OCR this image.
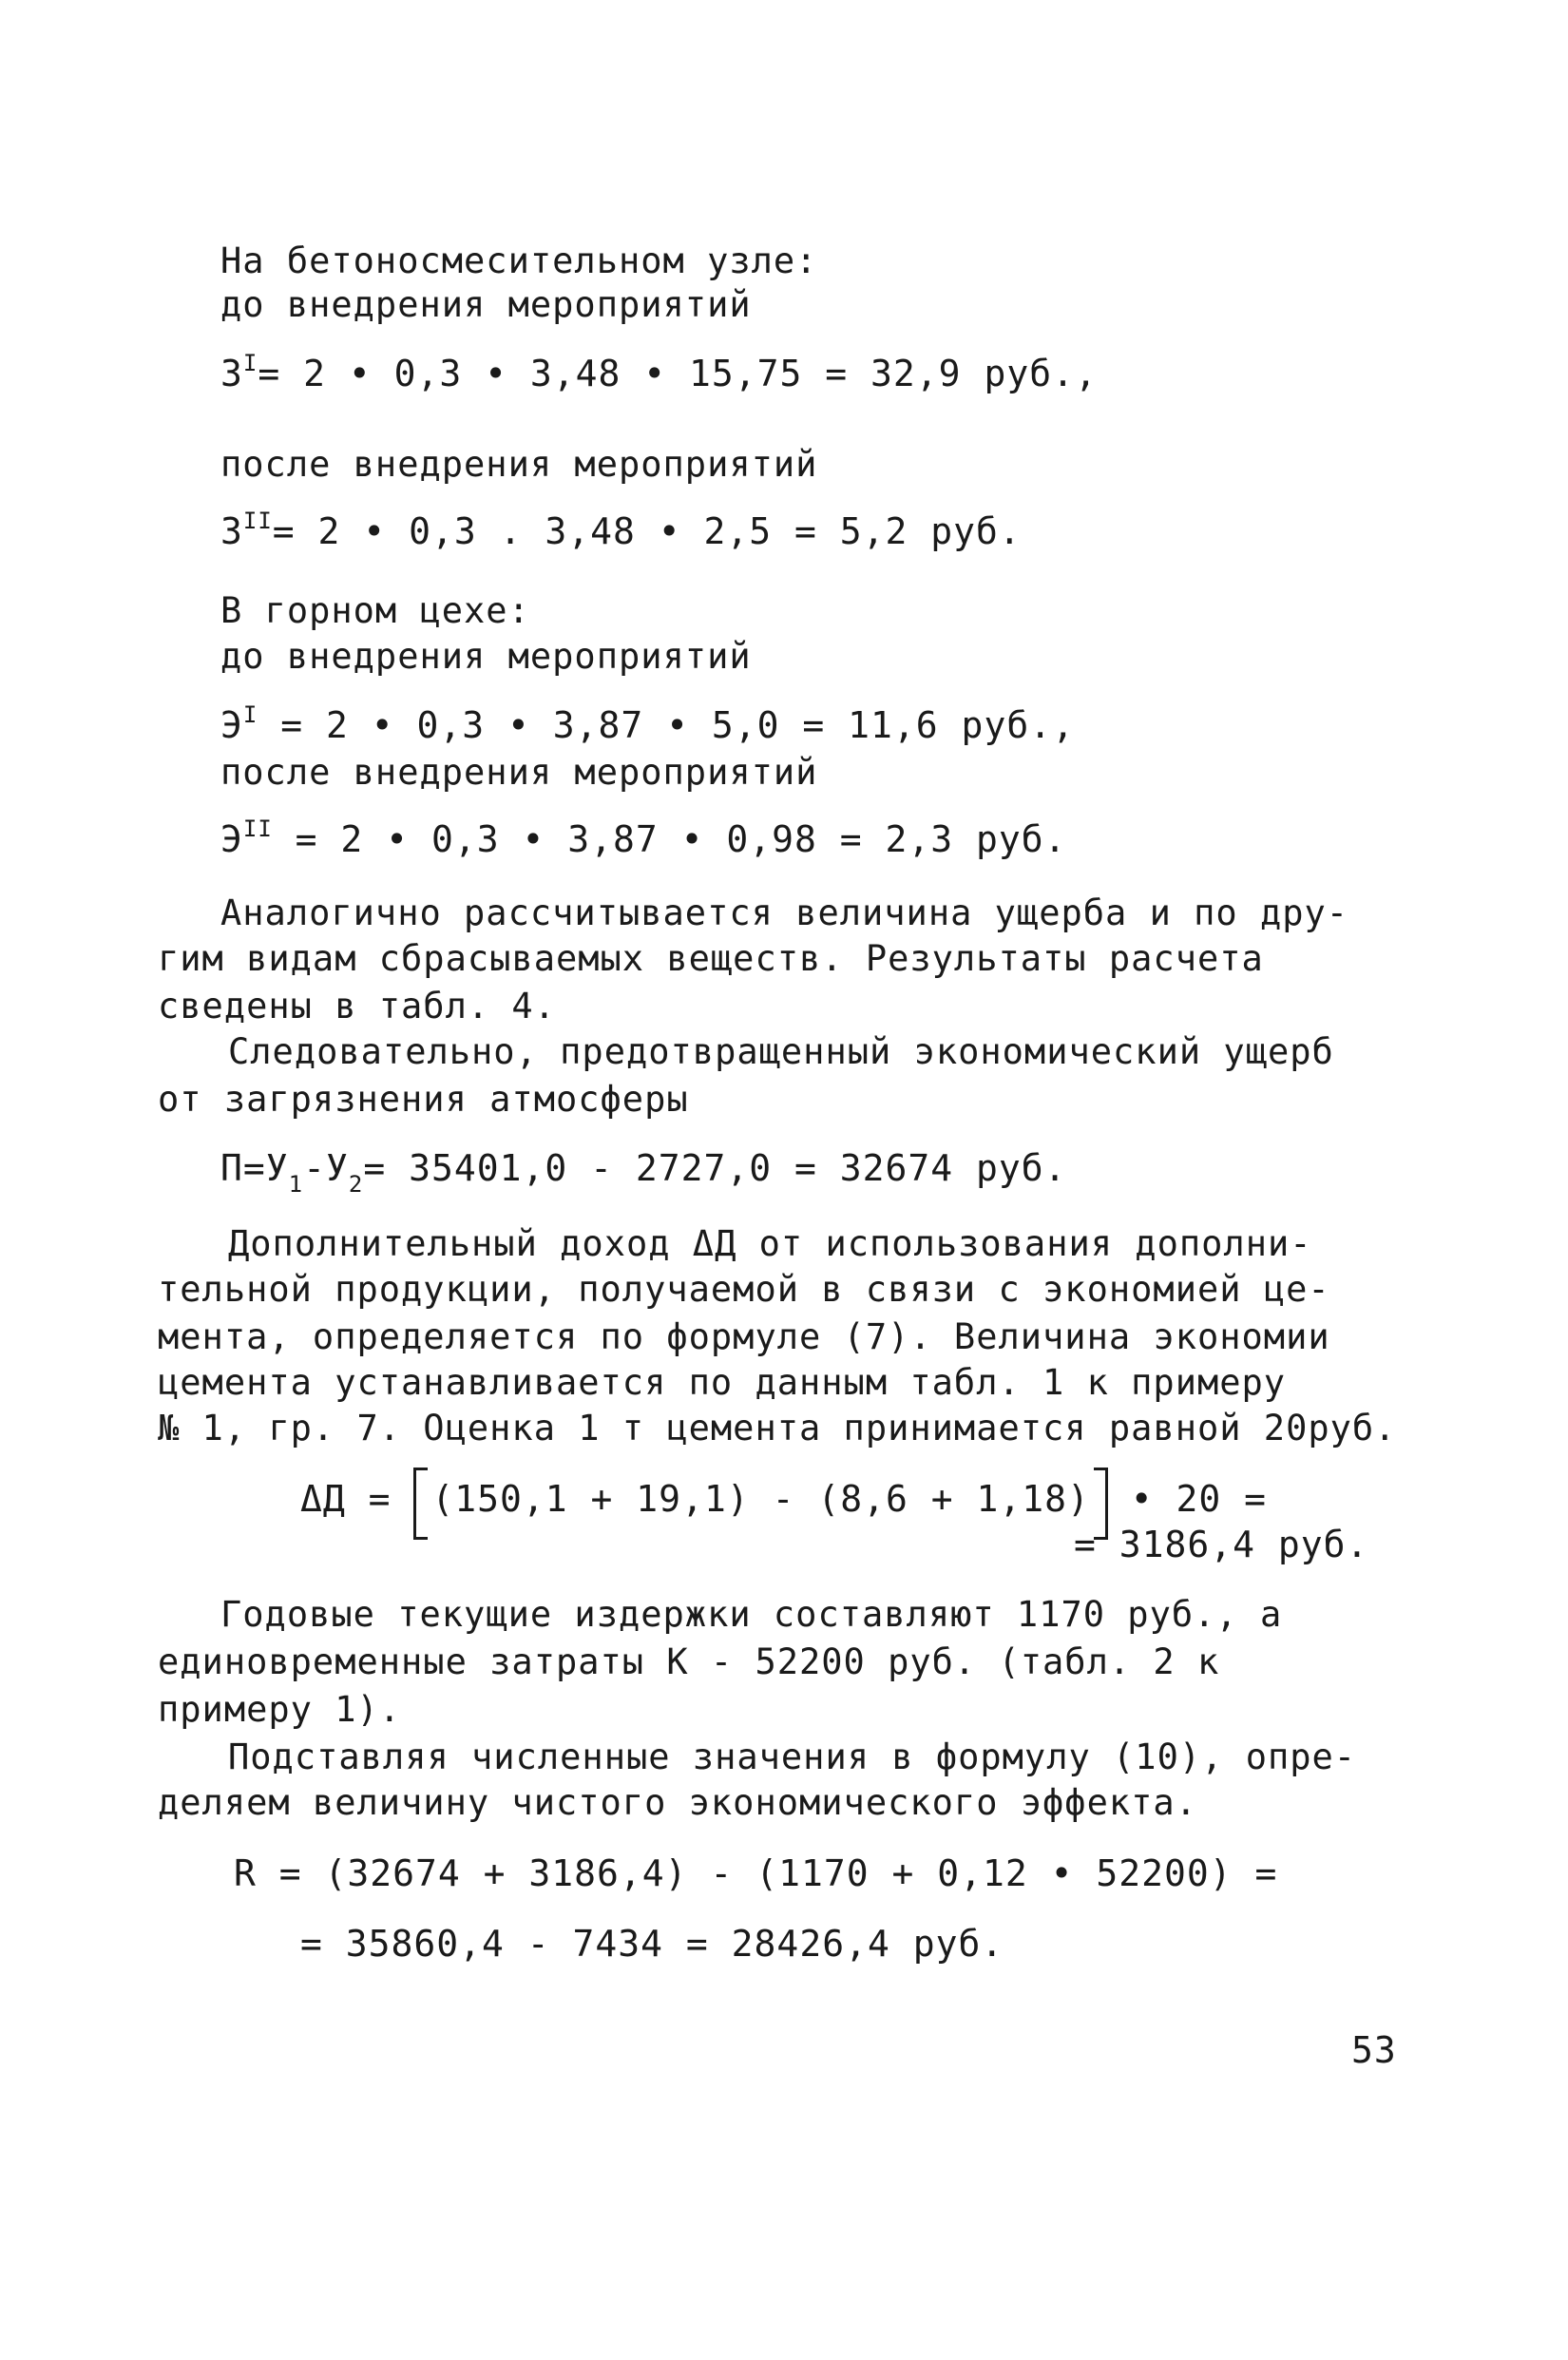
На бетоносмесительном узле:
до внедрения мероприятий
$З^I= 2$ • 0,3 • 3,48 • 15,75 = 32,9 руб.,
после внедрения мероприятий
$З^{II}= 2$ • 0,3 . 3,48 • 2,5 = 5,2 руб.
В горном цехе:
до внедрения мероприятий
$Э^I = 2$ • 0,3 • 3,87 • 5,0 = 11,6 руб.,
после внедрения мероприятий
$Э^{II} = 2$ • 0,3 • 3,87 • 0,98 = 2,3 руб.
Аналогично рассчитывается величина ущерба и по дру-
гим видам сбрасываемых веществ. Результаты расчета
сведены в табл. 4.
Следовательно, предотвращенный экономический ущерб
от загрязнения атмосферы
$П=У_1-У_2= 35401,0 - 2727,0 = 32674$ руб.
Дополнительный доход ΔД от использования дополни-
тельной продукции, получаемой в связи с экономией це-
мента, определяется по формуле (7). Величина экономии
цемента устанавливается по данным табл. 1 к примеру
№ 1, гр. 7. Оценка 1 т цемента принимается равной 20руб.
ΔД = (150,1 + 19,1) - (8,6 + 1,18) • 20 =
= 3186,4 руб.
Годовые текущие издержки составляют 1170 руб., а
единовременные затраты К - 52200 руб. (табл. 2 к
примеру 1).
Подставляя численные значения в формулу (10), опре-
деляем величину чистого экономического эффекта.
R = (32674 + 3186,4) - (1170 + 0,12 • 52200) =
= 35860,4 - 7434 = 28426,4 руб.
53
